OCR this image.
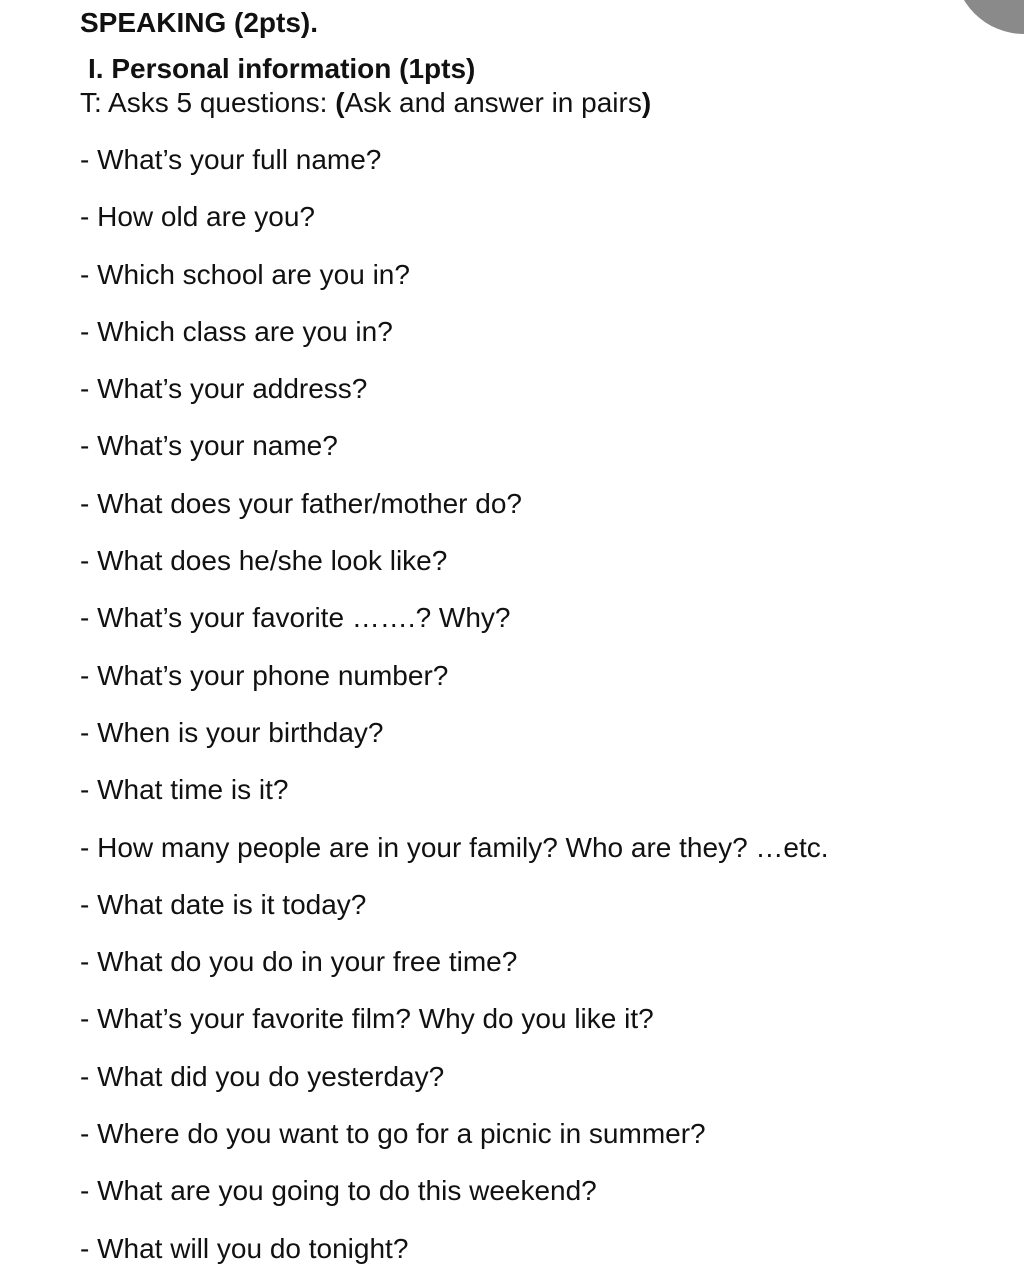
SPEAKING (2pts).
I. Personal information (1pts)
T: Asks 5 questions: (Ask and answer in pairs)
- What’s your full name?
- How old are you?
- Which school are you in?
- Which class are you in?
- What’s your address?
- What’s your name?
- What does your father/mother do?
- What does he/she look like?
- What’s your favorite …….? Why?
- What’s your phone number?
- When is your birthday?
- What time is it?
- How many people are in your family? Who are they? …etc.
- What date is it today?
- What do you do in your free time?
- What’s your favorite film? Why do you like it?
- What did you do yesterday?
- Where do you want to go for a picnic in summer?
- What are you going to do this weekend?
- What will you do tonight?
